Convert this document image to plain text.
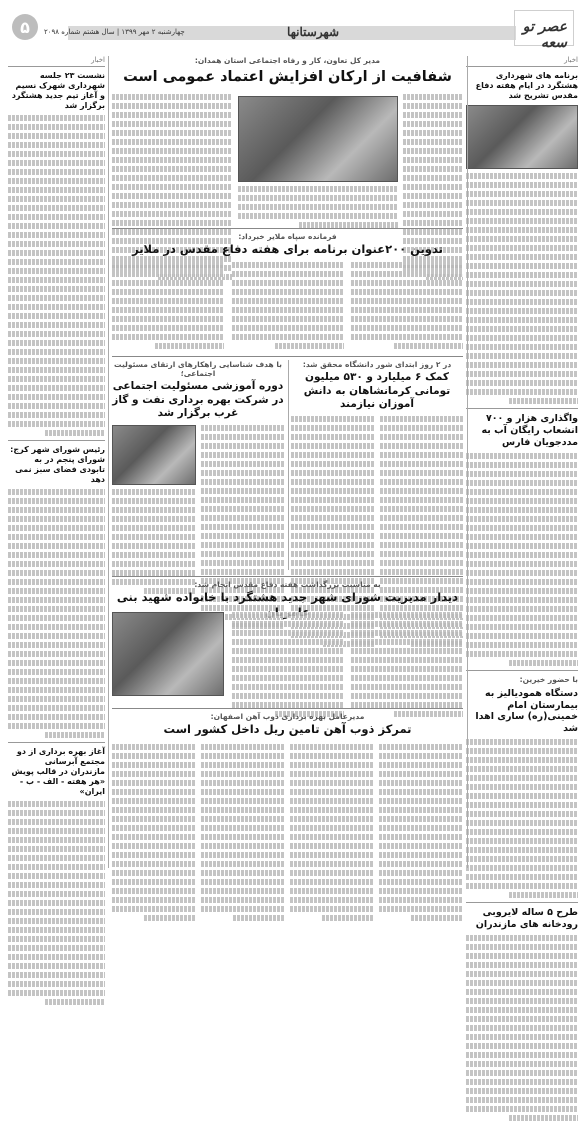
۵	چهارشنبه ۲ مهر ۱۳۹۹ | سال هشتم شماره ۲۰۹۸	شهرستانها	عصر تو سعه
اخبار
برنامه های شهرداری هشتگرد در ایام هفته دفاع مقدس تشریح شد
واگذاری هزار و ۷۰۰ انشعاب رایگان آب به مددجویان فارس
با حضور خیرین:
دستگاه همودیالیز به بیمارستان امام خمینی(ره) ساری اهدا شد
طرح ۵ ساله لایروبی رودخانه های مازندران
اخبار
نشست ۲۳ جلسه شهرداری شهرک نسیم و آغاز تیم جدید هشتگرد برگزار شد
رئیس شورای شهر کرج: شورای پنجم در به تابودی فضای سبز نمی دهد
آغاز بهره برداری از دو مجتمع آبرسانی مازندران در قالب پویش «هر هفته - الف - ب - ایران»
مدیر کل تعاون، کار و رفاه اجتماعی استان همدان:
شفافیت از ارکان افزایش اعتماد عمومی است
فرمانده سپاه ملایر خبرداد:
تدوین ۲۰۰عنوان برنامه برای هفته دفاع مقدس در ملایر
در ۲ روز ابتدای شور دانشگاه محقق شد:
کمک ۶ میلیارد و ۵۳۰ میلیون تومانی کرمانشاهان به دانش آموزان نیازمند
با هدف شناسایی راهکارهای ارتقای مسئولیت اجتماعی؛
دوره آموزشی مسئولیت اجتماعی در شرکت بهره برداری نفت و گاز غرب برگزار شد
به مناسبت بزرگداشت هفته دفاع مقدس انجام شد:
دیدار مدیریت شورای شهر جدید هشتگرد با خانواده شهید بنی
مدیرعامل بهره برداری ذوب آهن اصفهان:
تمرکز ذوب آهن تامین ریل داخل کشور است
